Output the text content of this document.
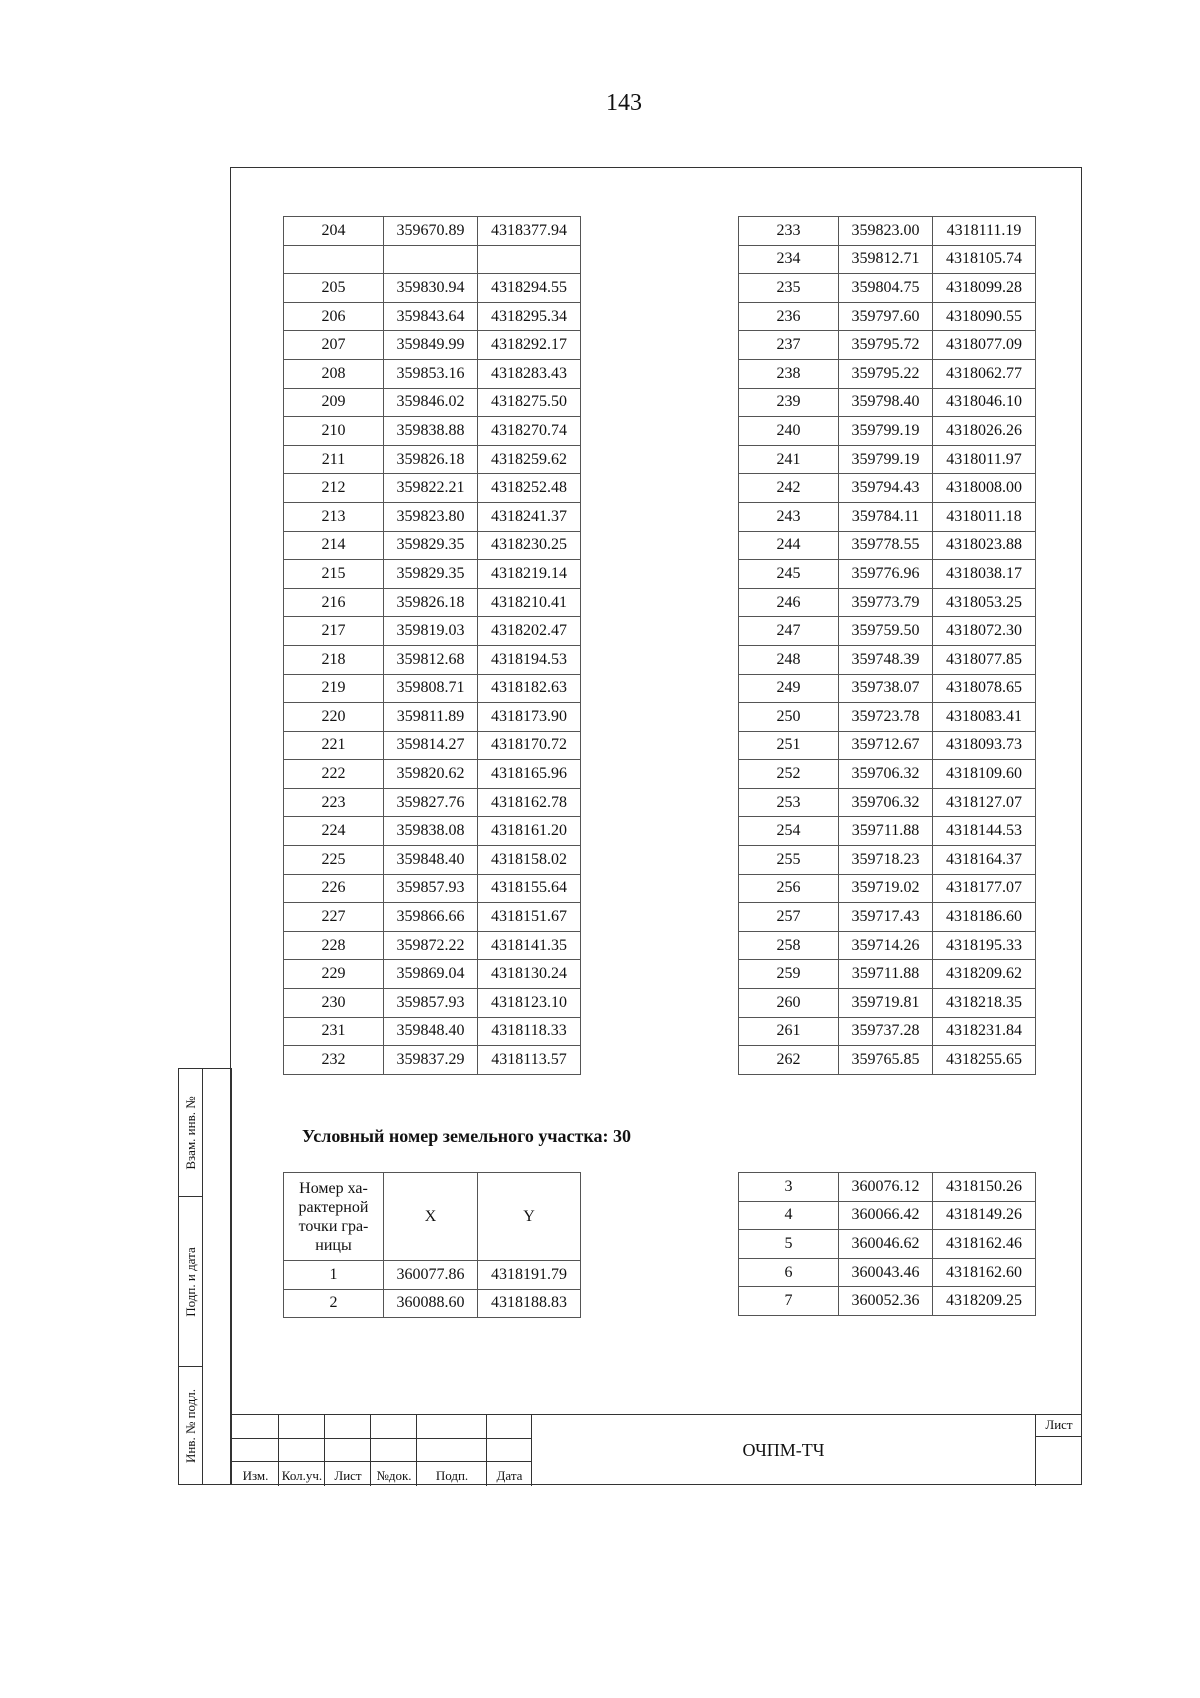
143
204	359670.89	4318377.94

205	359830.94	4318294.55
206	359843.64	4318295.34
207	359849.99	4318292.17
208	359853.16	4318283.43
209	359846.02	4318275.50
210	359838.88	4318270.74
211	359826.18	4318259.62
212	359822.21	4318252.48
213	359823.80	4318241.37
214	359829.35	4318230.25
215	359829.35	4318219.14
216	359826.18	4318210.41
217	359819.03	4318202.47
218	359812.68	4318194.53
219	359808.71	4318182.63
220	359811.89	4318173.90
221	359814.27	4318170.72
222	359820.62	4318165.96
223	359827.76	4318162.78
224	359838.08	4318161.20
225	359848.40	4318158.02
226	359857.93	4318155.64
227	359866.66	4318151.67
228	359872.22	4318141.35
229	359869.04	4318130.24
230	359857.93	4318123.10
231	359848.40	4318118.33
232	359837.29	4318113.57
233	359823.00	4318111.19
234	359812.71	4318105.74
235	359804.75	4318099.28
236	359797.60	4318090.55
237	359795.72	4318077.09
238	359795.22	4318062.77
239	359798.40	4318046.10
240	359799.19	4318026.26
241	359799.19	4318011.97
242	359794.43	4318008.00
243	359784.11	4318011.18
244	359778.55	4318023.88
245	359776.96	4318038.17
246	359773.79	4318053.25
247	359759.50	4318072.30
248	359748.39	4318077.85
249	359738.07	4318078.65
250	359723.78	4318083.41
251	359712.67	4318093.73
252	359706.32	4318109.60
253	359706.32	4318127.07
254	359711.88	4318144.53
255	359718.23	4318164.37
256	359719.02	4318177.07
257	359717.43	4318186.60
258	359714.26	4318195.33
259	359711.88	4318209.62
260	359719.81	4318218.35
261	359737.28	4318231.84
262	359765.85	4318255.65
Условный номер земельного участка: 30
Номер ха-
рактерной
точки гра-
ницы	X	Y
1	360077.86	4318191.79
2	360088.60	4318188.83
3	360076.12	4318150.26
4	360066.42	4318149.26
5	360046.62	4318162.46
6	360043.46	4318162.60
7	360052.36	4318209.25
Взам. инв. №
Подп. и дата
Инв. № подл.
Изм.	Кол.уч. Лист	№док.	Подп.	Дата
ОЧПМ-ТЧ
Лист
